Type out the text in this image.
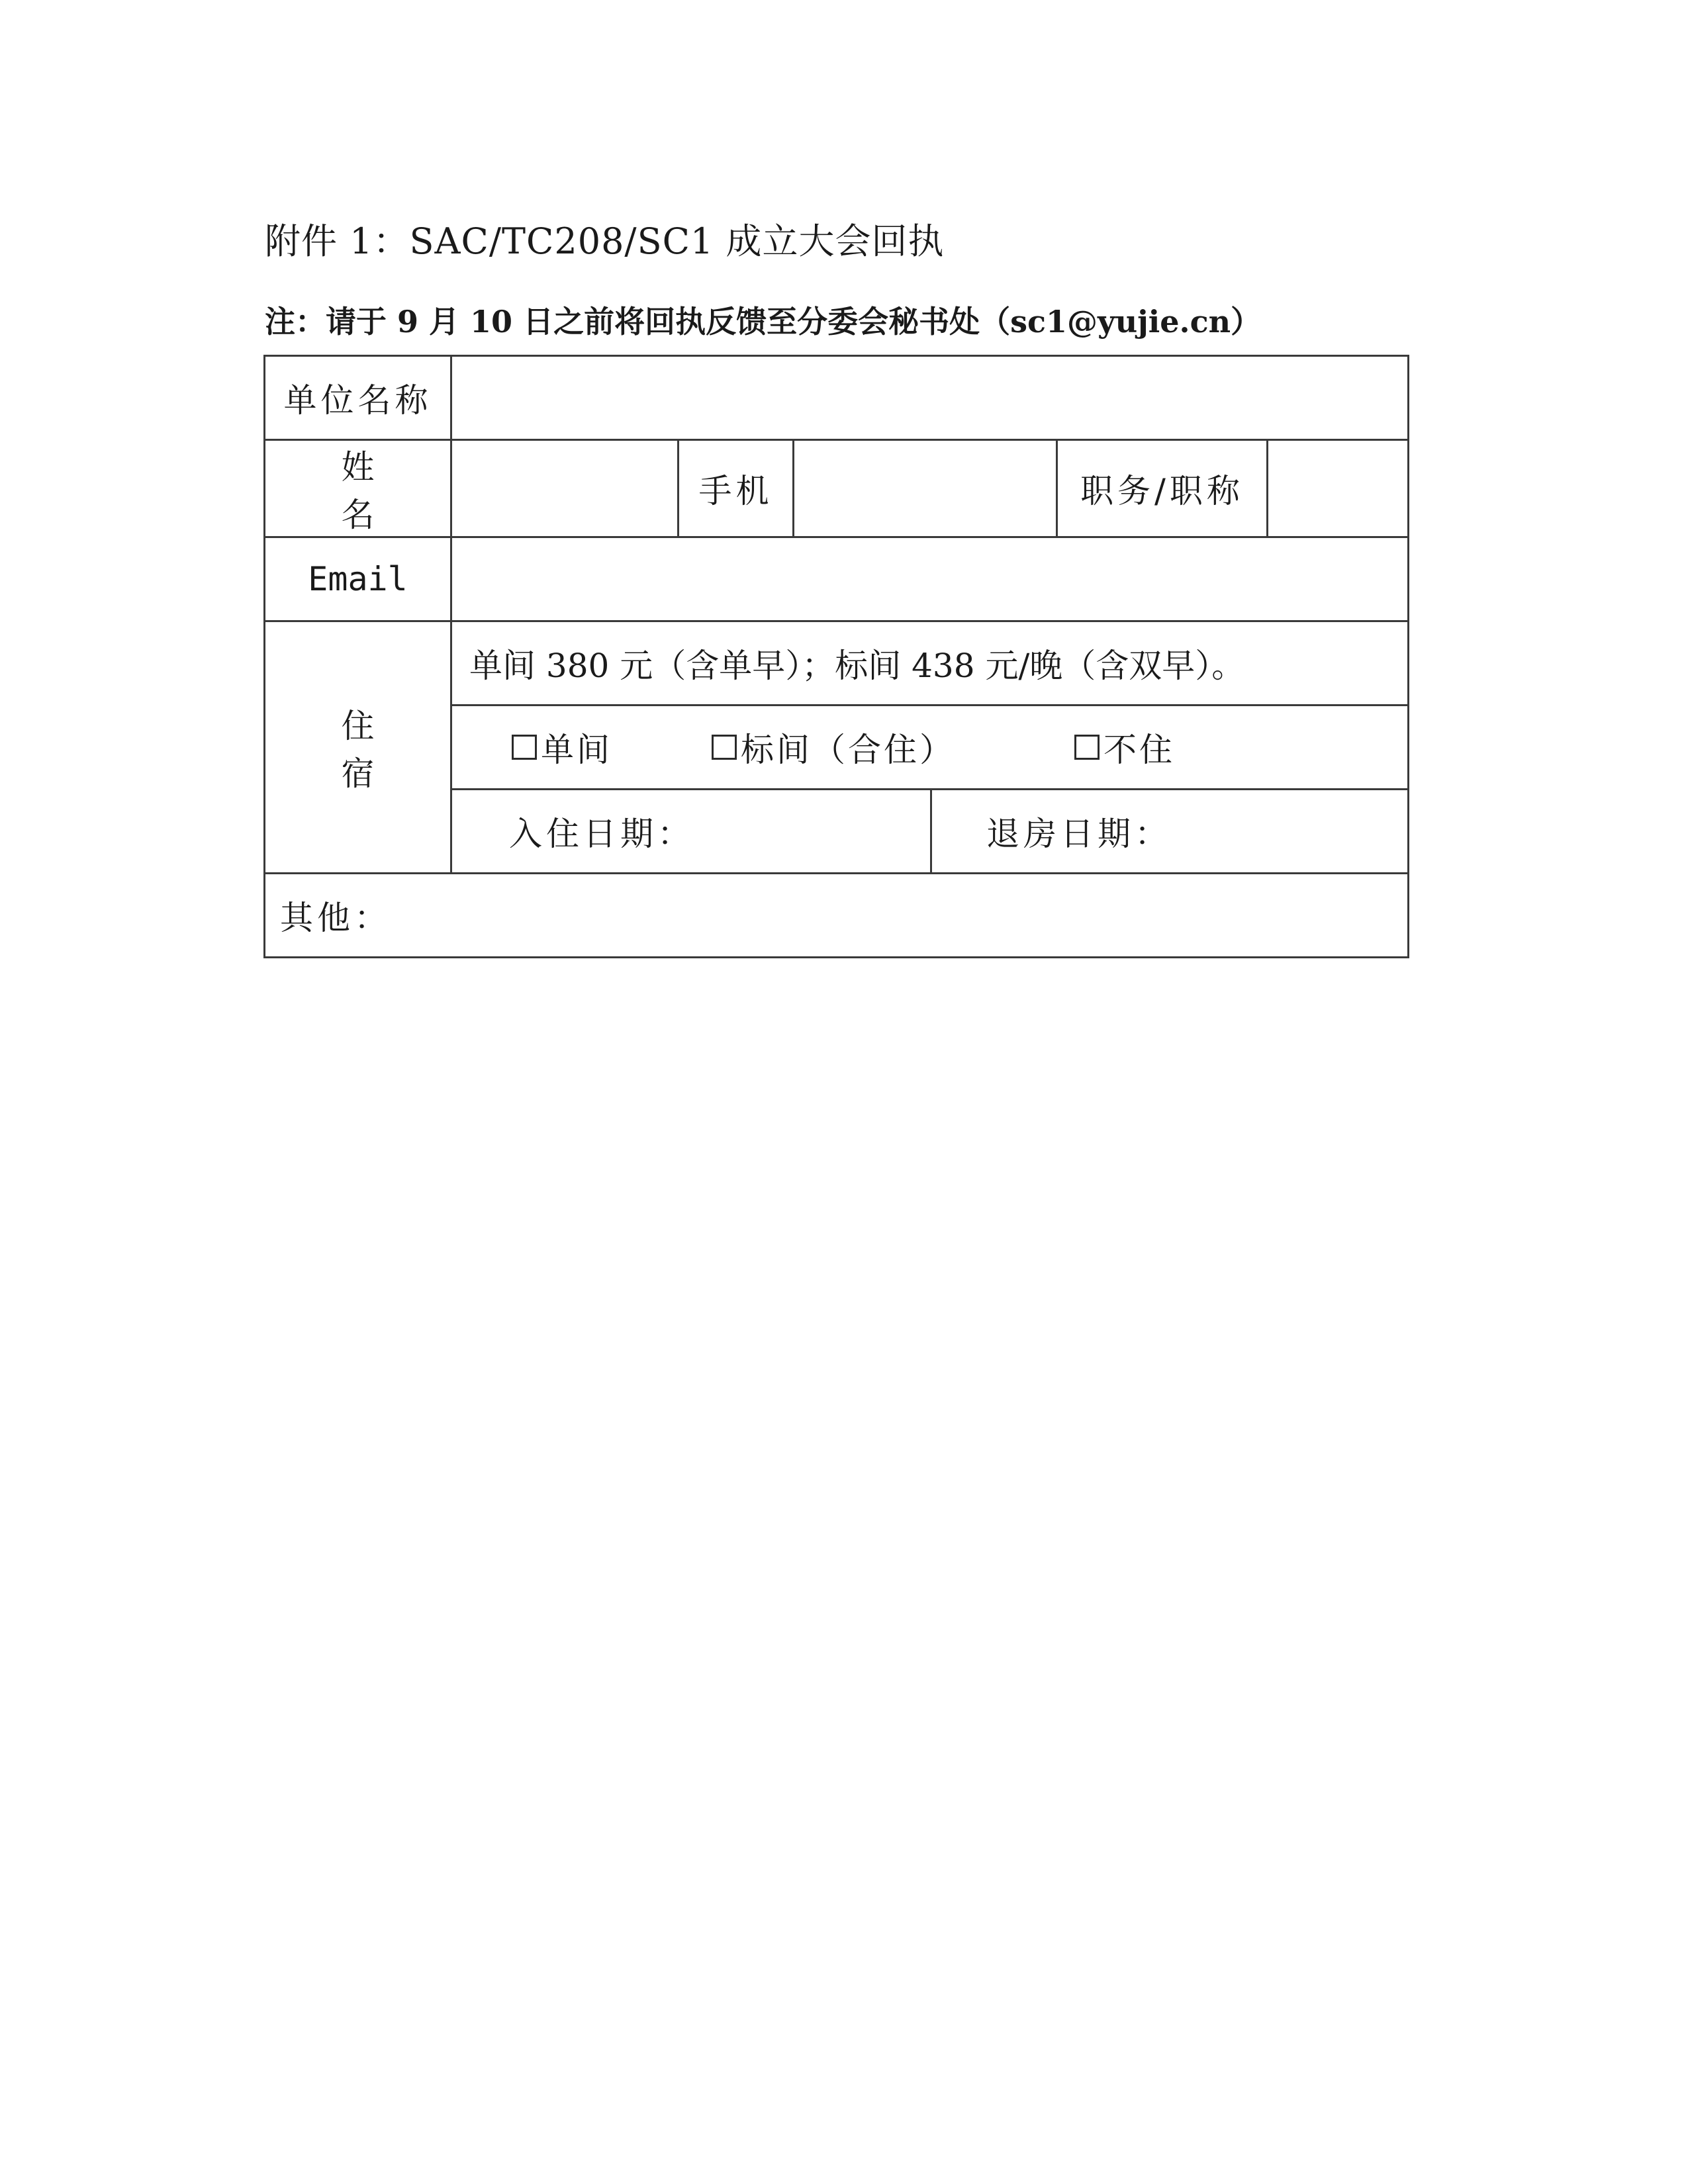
附件 1：SAC/TC208/SC1 成立大会回执
注：请于 9 月 10 日之前将回执反馈至分委会秘书处（sc1@yujie.cn）
单位名称					
姓 名		手机		职务/职称	
Email					
住 宿	单间 380 元（含单早）；标间 438 元/晚（含双早）。				

	单间 标间（合住） 不住				

	入住日期： 退房日期：				

其他：					
